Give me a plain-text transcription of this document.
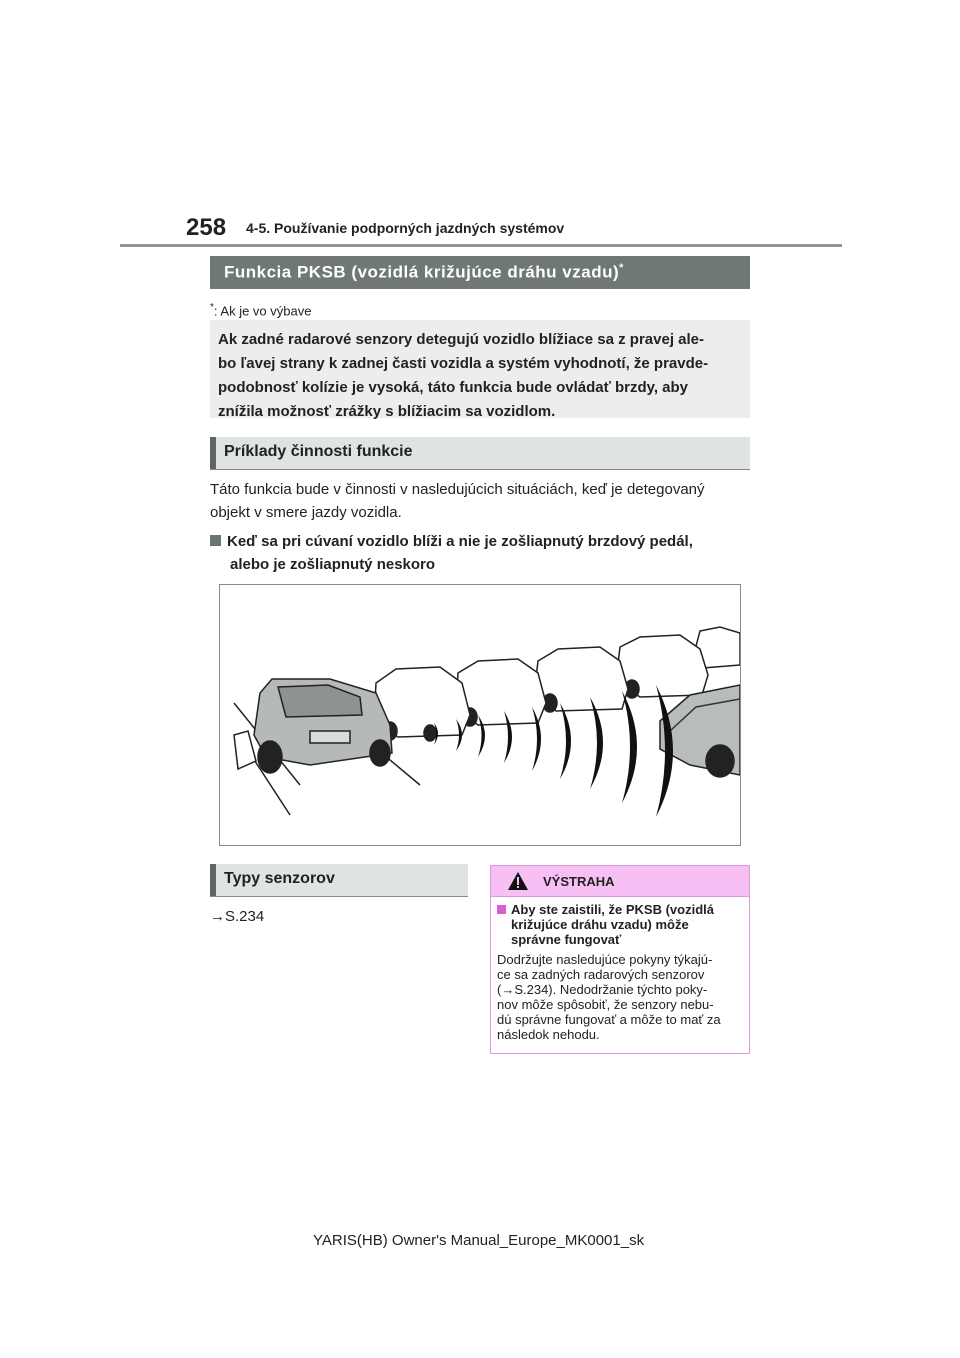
258 4-5. Používanie podporných jazdných systémov
Funkcia PKSB (vozidlá križujúce dráhu vzadu)*
*: Ak je vo výbave
Ak zadné radarové senzory detegujú vozidlo blížiace sa z pravej ale-
bo ľavej strany k zadnej časti vozidla a systém vyhodnotí, že pravde-
podobnosť kolízie je vysoká, táto funkcia bude ovládať brzdy, aby
znížila možnosť zrážky s blížiacim sa vozidlom.
Príklady činnosti funkcie
Táto funkcia bude v činnosti v nasledujúcich situáciách, keď je detegovaný
objekt v smere jazdy vozidla.
Keď sa pri cúvaní vozidlo blíži a nie je zošliapnutý brzdový pedál,
alebo je zošliapnutý neskoro
Typy senzorov
→S.234
VÝSTRAHA
Aby ste zaistili, že PKSB (vozidlá
križujúce dráhu vzadu) môže
správne fungovať
Dodržujte nasledujúce pokyny týkajú-
ce sa zadných radarových senzorov
(→S.234). Nedodržanie týchto poky-
nov môže spôsobiť, že senzory nebu-
dú správne fungovať a môže to mať za
následok nehodu.
YARIS(HB) Owner's Manual_Europe_MK0001_sk
